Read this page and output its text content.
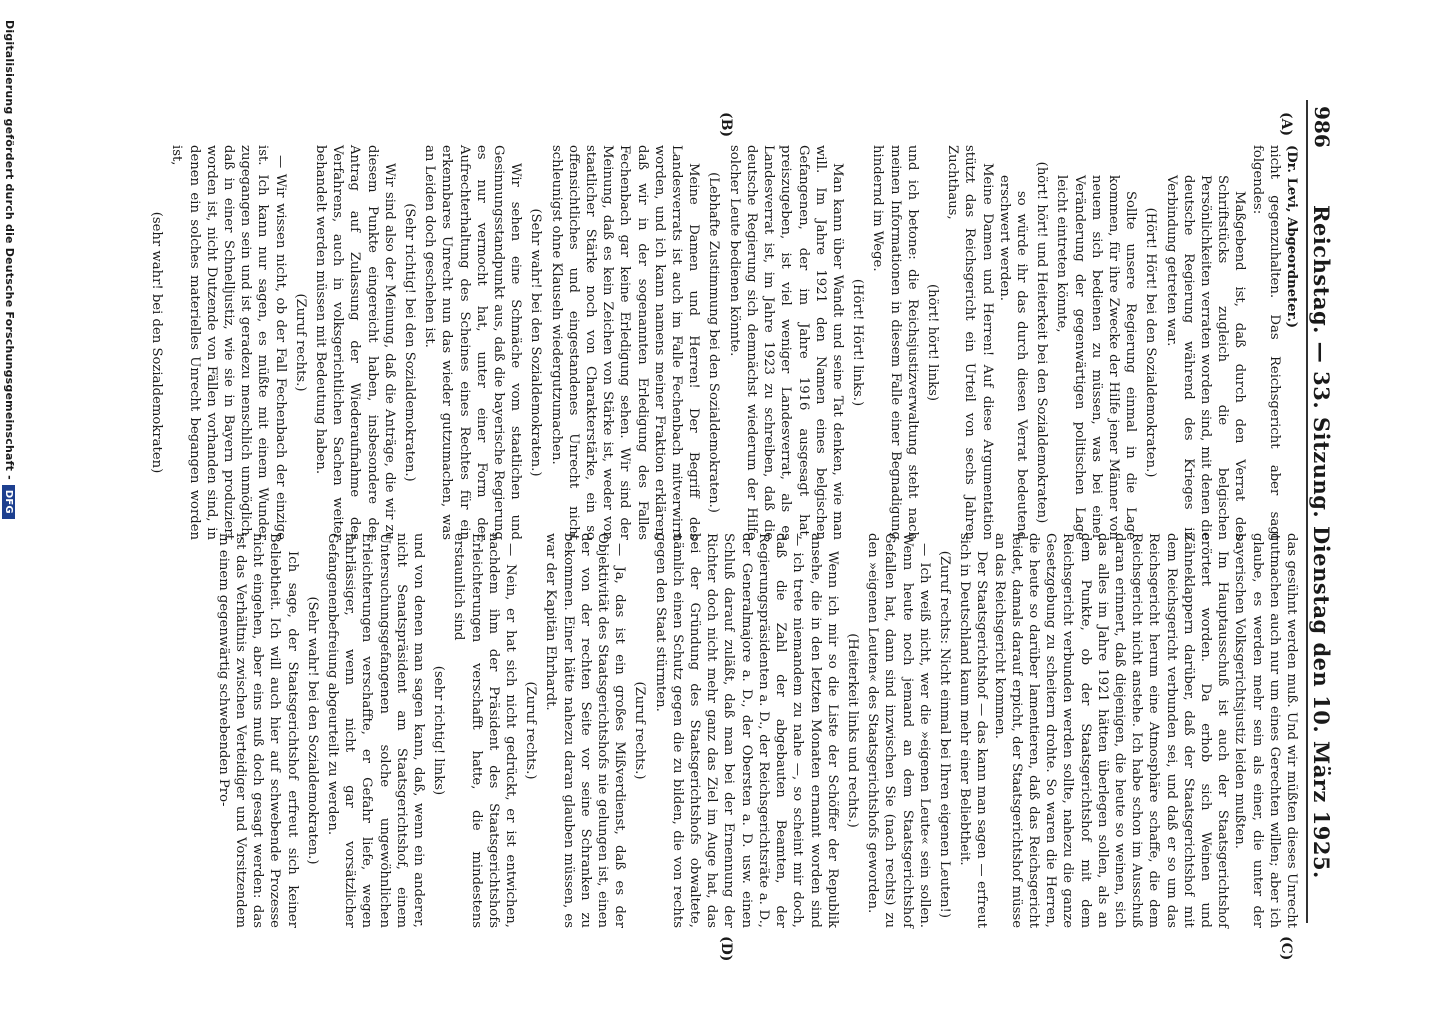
986
Reichstag. — 33. Sitzung. Dienstag den 10. März 1925.
(A)
(B)
(C)
(D)

(Dr. Levi, Abgeordneter.)

nicht gegenzuhalten. Das Reichsgericht aber sagt folgendes:

Maßgebend ist, daß durch den Verrat des Schriftstücks zugleich die belgischen Persönlichkeiten verraten worden sind, mit denen die deutsche Regierung während des Krieges in Verbindung getreten war.

(Hört! Hört! bei den Sozialdemokraten.)

Sollte unsere Regierung einmal in die Lage kommen, für ihre Zwecke der Hilfe jener Männer von neuem sich bedienen zu müssen, was bei einer Veränderung der gegenwärtigen politischen Lage leicht eintreten könnte,

(hört! hört! und Heiterkeit bei den Sozialdemokraten)

so würde ihr das durch diesen Verrat bedeutend erschwert werden.

Meine Damen und Herren! Auf diese Argumentation stützt das Reichsgericht ein Urteil von sechs Jahren Zuchthaus,

(hört! hört! links)

und ich betone: die Reichsjustizverwaltung steht nach meinen Informationen in diesem Falle einer Begnadigung hindernd im Wege.

(Hört! Hört! links.)

Man kann über Wandt und seine Tat denken, wie man will. Im Jahre 1921 den Namen eines belgischen Gefangenen, der im Jahre 1916 ausgesagt hat, preiszugeben, ist viel weniger Landesverrat, als es Landesverrat ist, im Jahre 1923 zu schreiben, daß die deutsche Regierung sich demnächst wiederum der Hilfe solcher Leute bedienen könnte.

(Lebhafte Zustimmung bei den Sozialdemokraten.)

Meine Damen und Herren! Der Begriff des Landesverrats ist auch im Falle Fechenbach mitverwirrt worden, und ich kann namens meiner Fraktion erklären, daß wir in der sogenannten Erledigung des Falles Fechenbach gar keine Erledigung sehen. Wir sind der Meinung, daß es kein Zeichen von Stärke ist, weder von staatlicher Stärke noch von Charakterstärke, ein so offensichtliches und eingestandenes Unrecht nicht schleunigst ohne Klauseln wiedergutzumachen.

(Sehr wahr! bei den Sozialdemokraten.)

Wir sehen eine Schmäche vom staatlichen und Gesinnungsstandpunkt aus, daß die bayerische Regierung es nur vermocht hat, unter einer Form der Aufrechterhaltung des Scheines eines Rechtes für ein erkennbares Unrecht nun das wieder gutzumachen, was an Leiden doch geschehen ist.

(Sehr richtig! bei den Sozialdemokraten.)

Wir sind also der Meinung, daß die Anträge, die wir zu diesem Punkte eingereicht haben, insbesondere der Antrag auf Zulassung der Wiederaufnahme des Verfahrens, auch in volksgerichtlichen Sachen weiter behandelt werden müssen mit Bedeutung haben.

(Zuruf rechts.)

— Wir wissen nicht, ob der Fall Fechenbach der einzige ist. Ich kann nur sagen, es müßte mit einem Wunder zugegangen sein und ist geradezu menschlich unmöglich, daß in einer Schnelljustiz, wie sie in Bayern produziert worden ist, nicht Dutzende von Fällen vorhanden sind, in denen ein solches materielles Unrecht begangen worden ist,

(sehr wahr! bei den Sozialdemokraten)

das gesühnt werden muß. Und wir müßten dieses Unrecht gutmachen auch nur um eines Gerechten willen; aber ich glaube, es werden mehr sein als einer, die unter der bayerischen Volksgerichtsjustiz leiden mußten.

Im Hauptausschuß ist auch der Staatsgerichtshof erörtert worden. Da erhob sich Weinen und Zähneklappern darüber, daß der Staatsgerichtshof mit dem Reichsgericht verbunden sei, und daß er so um das Reichsgericht herum eine Atmosphäre schaffe, die dem Reichsgericht nicht anstehe. Ich habe schon im Ausschuß daran erinnert, daß diejenigen, die heute so weinen, sich das alles im Jahre 1921 hätten überlegen sollen, als an dem Punkte, ob der Staatsgerichtshof mit dem Reichsgericht verbunden werden sollte, nahezu die ganze Gesetzgebung zu scheitern drohte. So waren die Herren, die heute so darüber lamentieren, daß das Reichsgericht leidet, damals darauf erpicht, der Staatsgerichtshof müsse an das Reichsgericht kommen.

Der Staatsgerichtshof — das kann man sagen — erfreut sich in Deutschland kaum mehr einer Beliebtheit.

(Zuruf rechts: Nicht einmal bei Ihren eigenen Leuten!)

— Ich weiß nicht, wer die »eigenen Leute« sein sollen. Wenn heute noch jemand an dem Staatsgerichtshof Gefallen hat, dann sind inzwischen Sie (nach rechts) zu den »eigenen Leuten« des Staatsgerichtshofs geworden.

(Heiterkeit links und rechts.)

Wenn ich mir so die Liste der Schöffer der Republik ansehe, die in den letzten Monaten ernannt worden sind — ich trete niemandem zu nahe —, so scheint mir doch, daß die Zahl der abgebauten Beamten, der Regierungspräsidenten a. D., der Reichsgerichtsräte a. D., der Generalmajore a. D., der Obersten a. D. usw. einen Schluß darauf zuläßt, daß man bei der Ernennung der Richter doch nicht mehr ganz das Ziel im Auge hat, das bei der Gründung des Staatsgerichtshofs obwaltete, nämlich einen Schutz gegen die zu bilden, die von rechts gegen den Staat stürmten.

(Zuruf rechts.)

— Ja, das ist ein großes Mißverdienst, daß es der Objektivität des Staatsgerichtshofs nie gelungen ist, einen der von der rechten Seite vor seine Schranken zu bekommen. Einer hätte nahezu daran glauben müssen, es war der Kapitän Ehrhardt.

(Zuruf rechts.)

— Nein, er hat sich nicht gedrückt, er ist entwichen, nachdem ihm der Präsident des Staatsgerichtshofs Erleichterungen verschafft hatte, die mindestens erstaunlich sind

(sehr richtig! links)

und von denen man sagen kann, daß, wenn ein anderer, nicht Senatspräsident am Staatsgerichtshof, einem Untersuchungsgefangenen solche ungewöhnlichen Erleichterungen verschaffte, er Gefahr liefe, wegen fahrlässiger, wenn nicht gar vorsätzlicher Gefangenenbefreiung abgeurteilt zu werden.

(Sehr wahr! bei den Sozialdemokraten.)

Ich sage, der Staatsgerichtshof erfreut sich keiner Beliebtheit. Ich will auch hier auf schwebende Prozesse nicht eingehen, aber eins muß doch gesagt werden: das ist das Verhältnis zwischen Verteidiger und Vorsitzendem in einem gegenwärtig schwebenden Pro-

Digitalisierung gefördert durch die Deutsche Forschungsgemeinschaft -DFG
